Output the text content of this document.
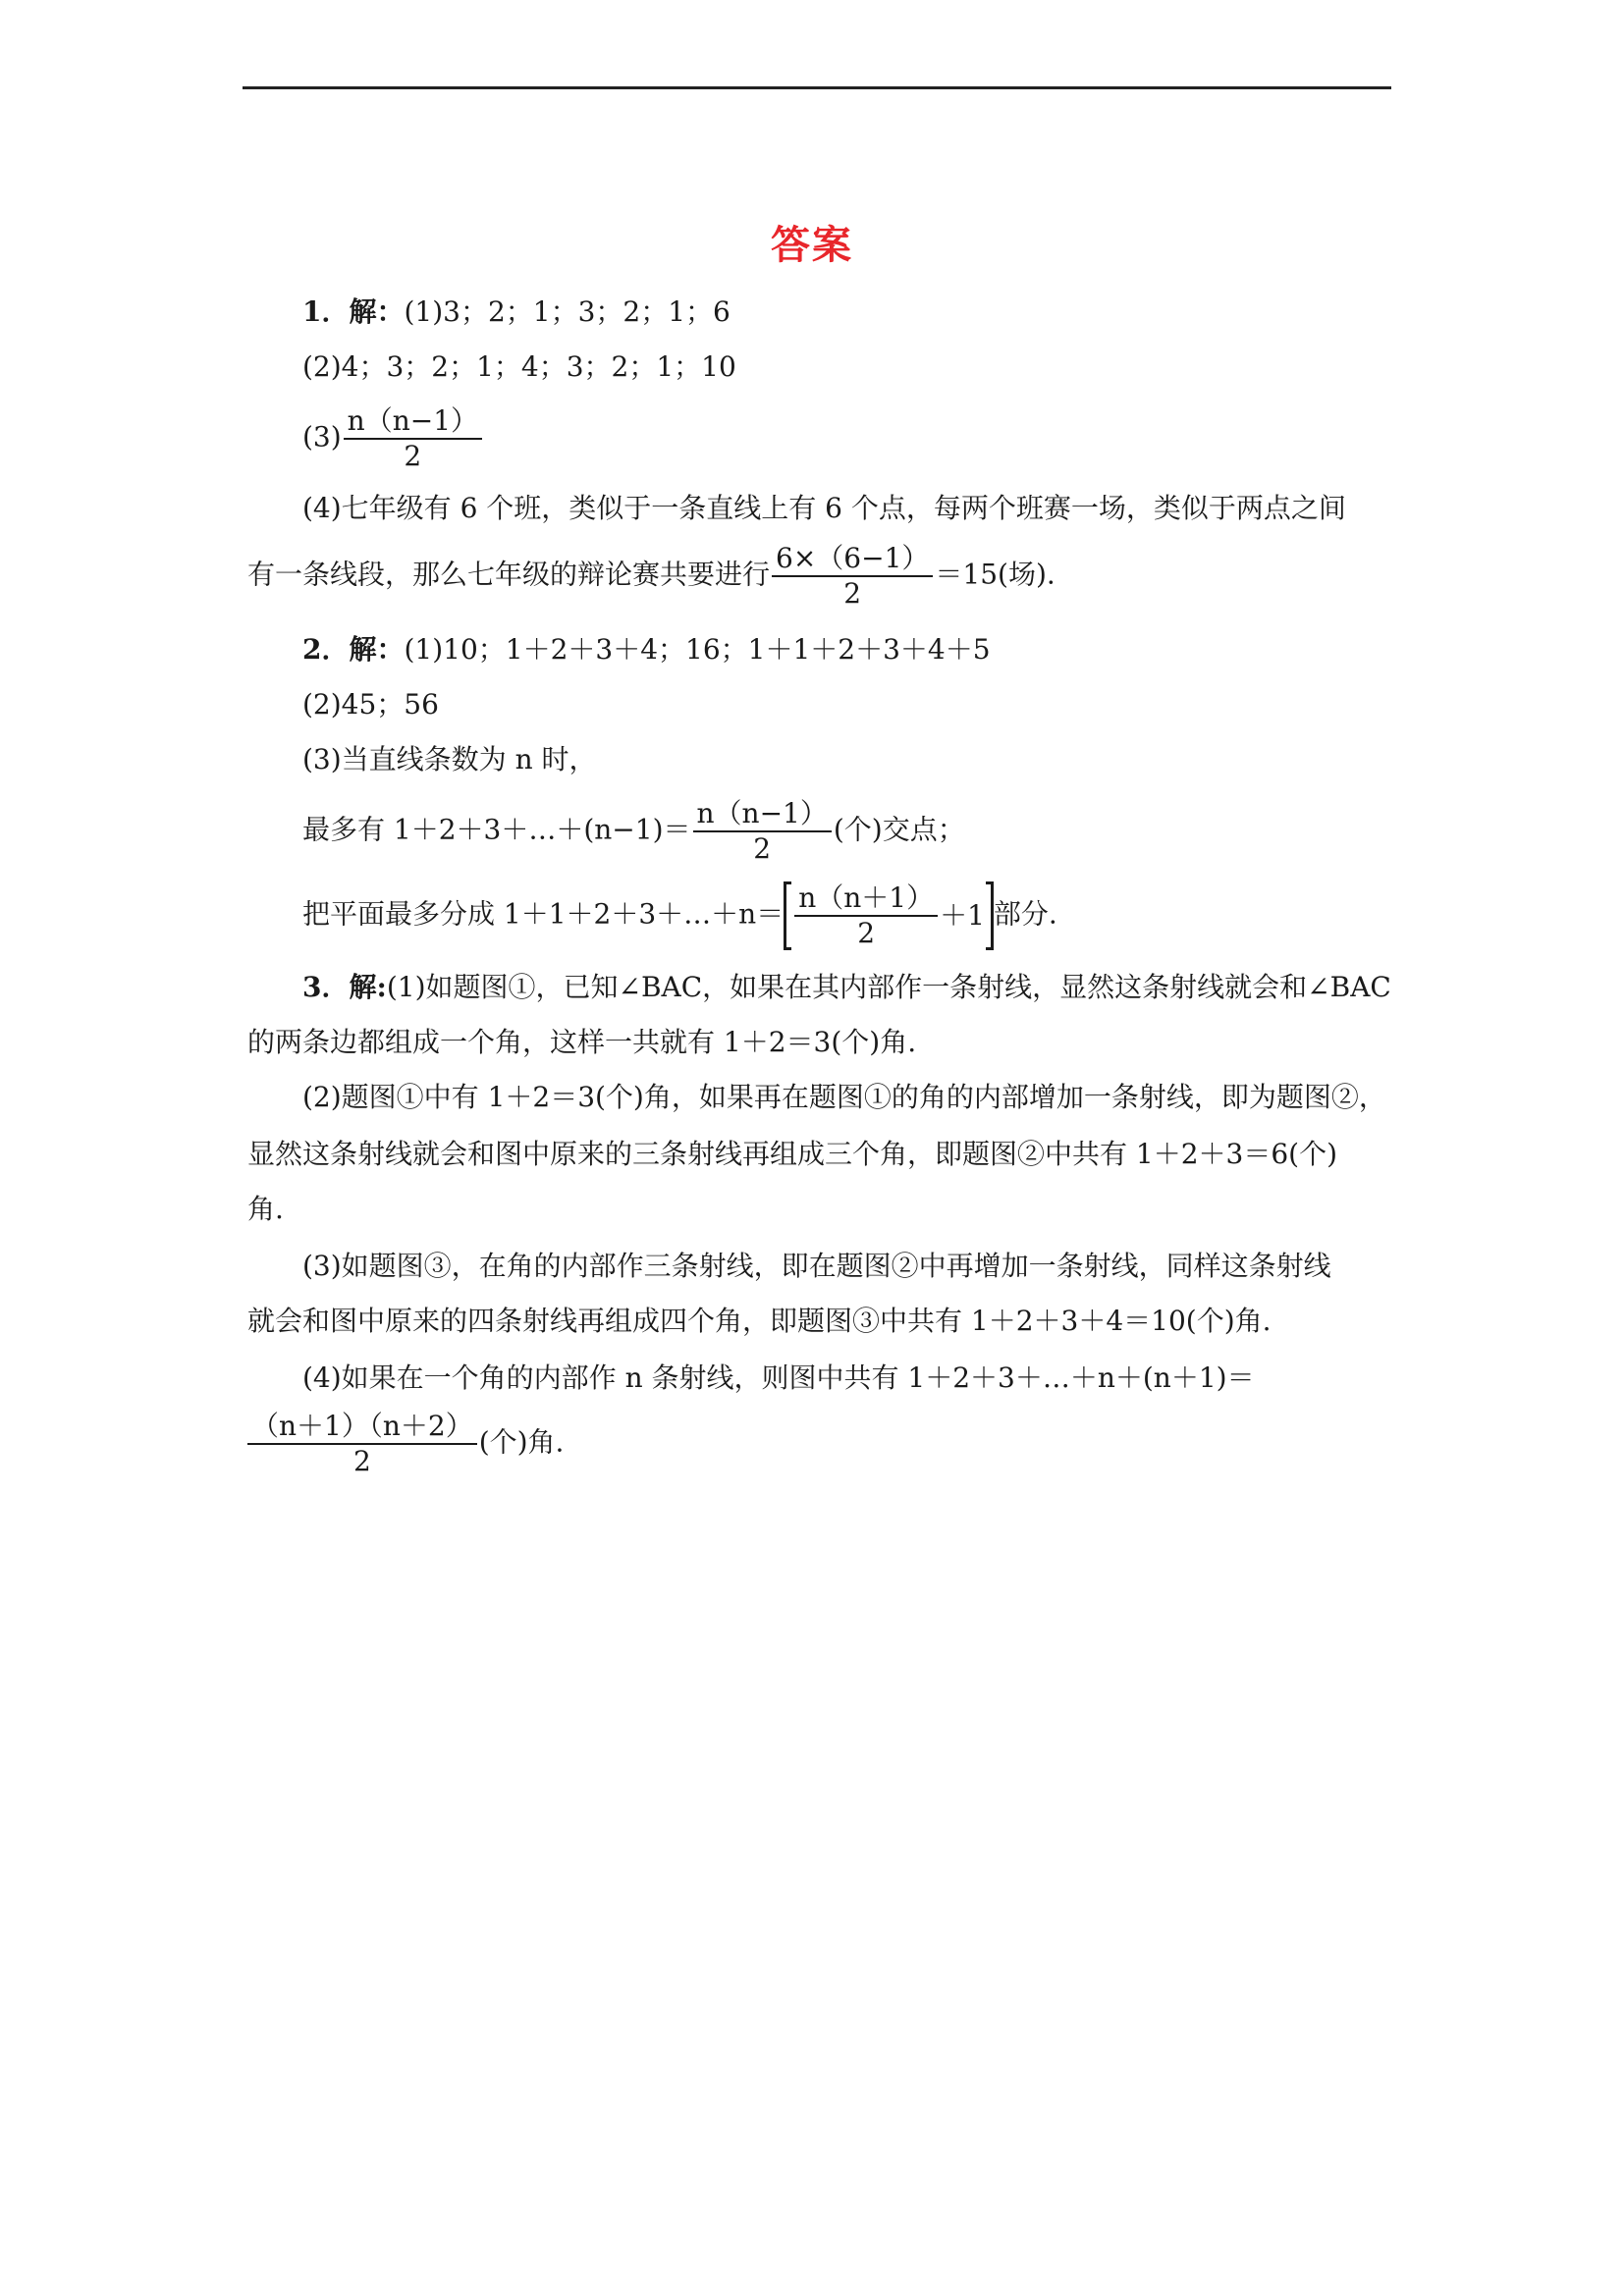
答案
1．解：(1)3；2；1；3；2；1；6
(2)4；3；2；1；4；3；2；1；10
$(3) \frac{n(n-1)}{2}$
(4)七年级有 6 个班，类似于一条直线上有 6 个点，每两个班赛一场，类似于两点之间
有一条线段，那么七年级的辩论赛共要进行 $\frac{6\times(6-1)}{2} =15$(场).
2．解：(1)10；1＋2＋3＋4；16；1＋1＋2＋3＋4＋5
(2)45；56
(3)当直线条数为 n 时，
最多有 1＋2＋3＋…＋(n−1)＝ $\frac{n(n-1)}{2}$ (个)交点；
把平面最多分成 1＋1＋2＋3＋…＋n＝ $\frac{n(n+1)}{2} +1$ 部分.
3．解:(1)如题图①，已知∠BAC，如果在其内部作一条射线，显然这条射线就会和∠BAC
的两条边都组成一个角，这样一共就有 1＋2＝3(个)角.
(2)题图①中有 1＋2＝3(个)角，如果再在题图①的角的内部增加一条射线，即为题图②，
显然这条射线就会和图中原来的三条射线再组成三个角，即题图②中共有 1＋2＋3＝6(个)
角.
(3)如题图③，在角的内部作三条射线，即在题图②中再增加一条射线，同样这条射线
就会和图中原来的四条射线再组成四个角，即题图③中共有 1＋2＋3＋4＝10(个)角.
(4)如果在一个角的内部作 n 条射线，则图中共有 1＋2＋3＋…＋n＋(n＋1)＝
$\frac{(n+1)(n+2)}{2}$ (个)角.
